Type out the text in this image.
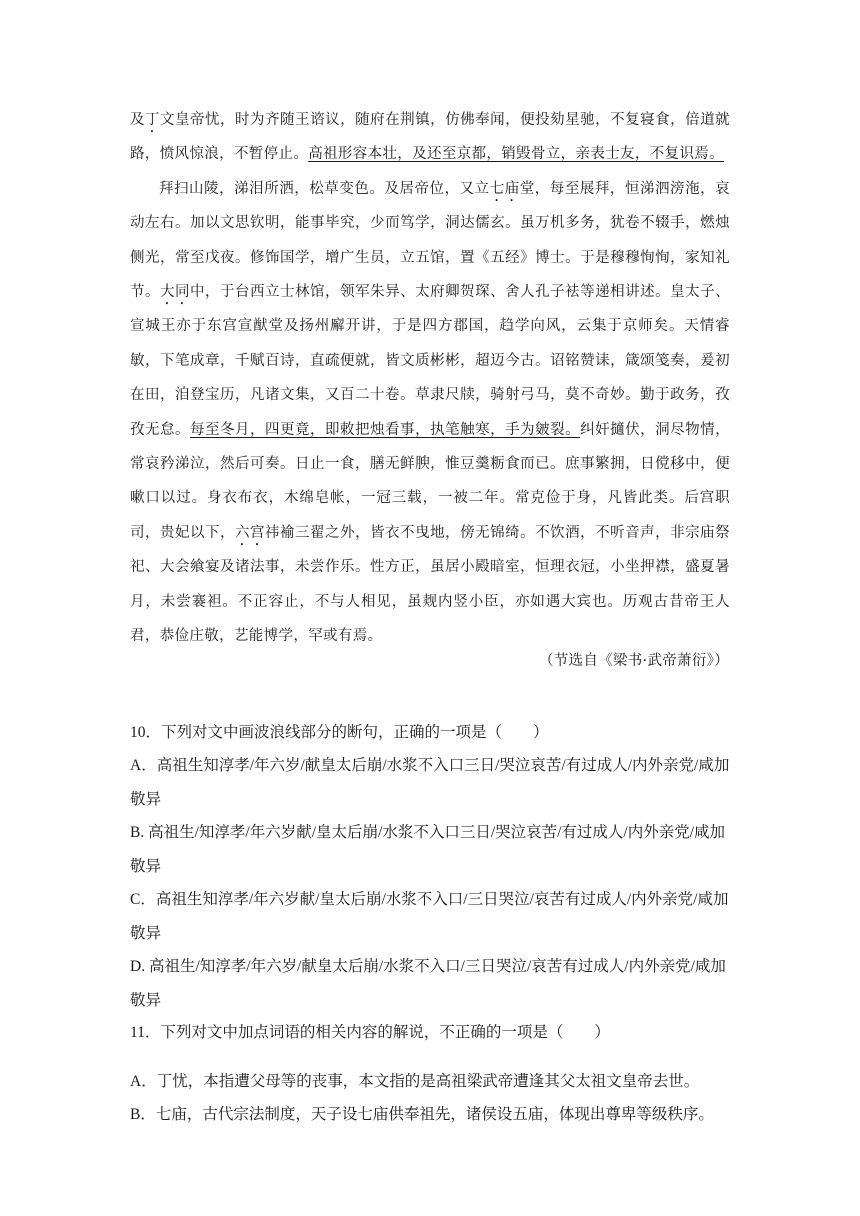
及丁文皇帝忧，时为齐随王谘议，随府在荆镇，仿佛奉闻，便投劾星驰，不复寝食，倍道就路，愤风惊浪，不暂停止。高祖形容本壮，及还至京都，销毁骨立，亲表士友，不复识焉。

拜扫山陵，涕泪所洒，松草变色。及居帝位，又立七庙堂，每至展拜，恒涕泗滂沲，哀动左右。加以文思钦明，能事毕究，少而笃学，洞达儒玄。虽万机多务，犹卷不辍手，燃烛侧光，常至戊夜。修饰国学，增广生员，立五馆，置《五经》博士。于是穆穆恂恂，家知礼节。大同中，于台西立士林馆，领军朱异、太府卿贺琛、舍人孔子袪等递相讲述。皇太子、宣城王亦于东宫宣猷堂及扬州廨开讲，于是四方郡国，趋学向风，云集于京师矣。天情睿敏，下笔成章，千赋百诗，直疏便就，皆文质彬彬，超迈今古。诏铭赞诔，箴颂笺奏，爰初在田，洎登宝历，凡诸文集，又百二十卷。草隶尺牍，骑射弓马，莫不奇妙。勤于政务，孜孜无怠。每至冬月，四更竟，即敕把烛看事，执笔触寒，手为皴裂。纠奸擿伏，洞尽物情，常哀矜涕泣，然后可奏。日止一食，膳无鲜腴，惟豆羹粝食而已。庶事繁拥，日傥移中，便嗽口以过。身衣布衣，木绵皂帐，一冠三载，一被二年。常克俭于身，凡皆此类。后宫职司，贵妃以下，六宫祎褕三翟之外，皆衣不曳地，傍无锦绮。不饮酒，不听音声，非宗庙祭祀、大会飨宴及诸法事，未尝作乐。性方正，虽居小殿暗室，恒理衣冠，小坐押襟，盛夏暑月，未尝褰袒。不正容止，不与人相见，虽觌内竖小臣，亦如遇大宾也。历观古昔帝王人君，恭俭庄敬，艺能博学，罕或有焉。

（节选自《梁书·武帝萧衍》）

10．下列对文中画波浪线部分的断句，正确的一项是（　　）

A．高祖生知淳孝/年六岁/献皇太后崩/水浆不入口三日/哭泣哀苦/有过成人/内外亲党/咸加敬异

B. 高祖生/知淳孝/年六岁献/皇太后崩/水浆不入口三日/哭泣哀苦/有过成人/内外亲党/咸加敬异

C．高祖生知淳孝/年六岁献/皇太后崩/水浆不入口/三日哭泣/哀苦有过成人/内外亲党/咸加敬异

D. 高祖生/知淳孝/年六岁/献皇太后崩/水浆不入口/三日哭泣/哀苦有过成人/内外亲党/咸加敬异

11．下列对文中加点词语的相关内容的解说，不正确的一项是（　　）

A．丁忧，本指遭父母等的丧事，本文指的是高祖梁武帝遭逢其父太祖文皇帝去世。

B．七庙，古代宗法制度，天子设七庙供奉祖先，诸侯设五庙，体现出尊卑等级秩序。
